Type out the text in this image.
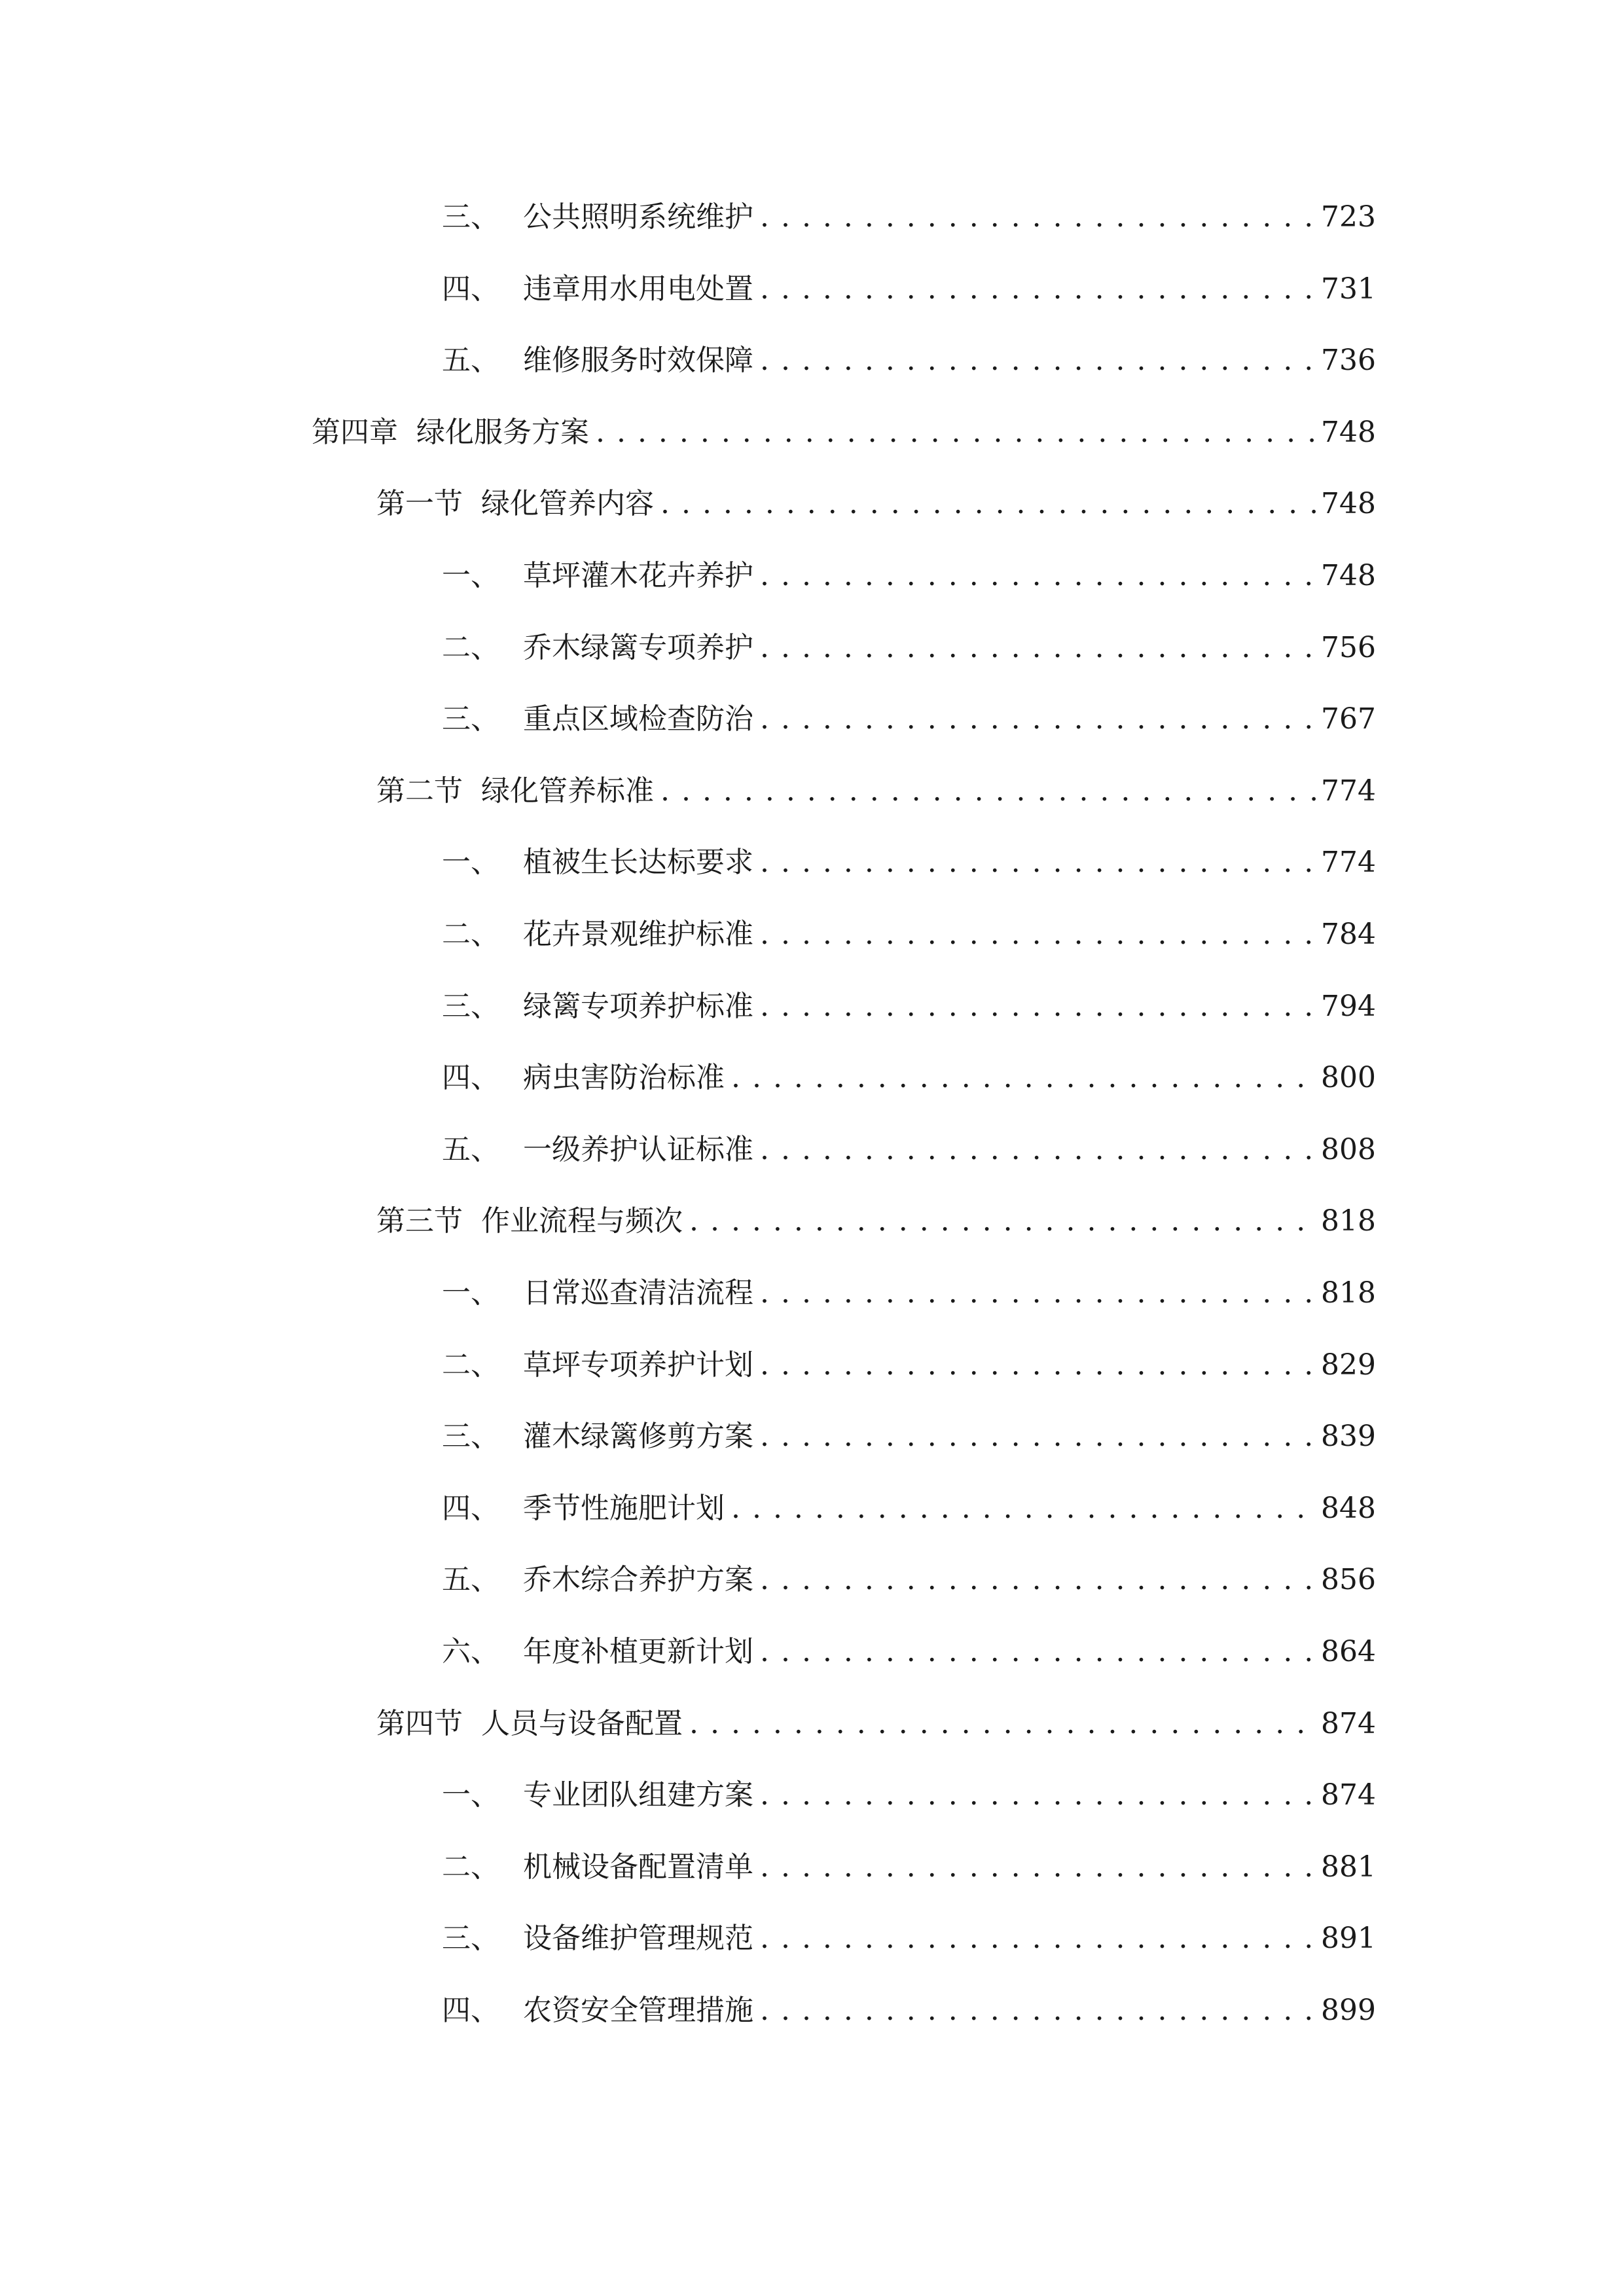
三、 公共照明系统维护 . . .	723
四、 违章用水用电处置 . . .	731
五、 维修服务时效保障 . . .	736
第四章 绿化服务方案 . . .	748
第一节 绿化管养内容 . . .	748
一、 草坪灌木花卉养护 . . .	748
二、 乔木绿篱专项养护 . . .	756
三、 重点区域检查防治 . . .	767
第二节 绿化管养标准 . . .	774
一、 植被生长达标要求 . . .	774
二、 花卉景观维护标准 . . .	784
三、 绿篱专项养护标准 . . .	794
四、 病虫害防治标准 . . .	800
五、 一级养护认证标准 . . .	808
第三节 作业流程与频次 . . .	818
一、 日常巡查清洁流程 . . .	818
二、 草坪专项养护计划 . . .	829
三、 灌木绿篱修剪方案 . . .	839
四、 季节性施肥计划 . . .	848
五、 乔木综合养护方案 . . .	856
六、 年度补植更新计划 . . .	864
第四节 人员与设备配置 . . .	874
一、 专业团队组建方案 . . .	874
二、 机械设备配置清单 . . .	881
三、 设备维护管理规范 . . .	891
四、 农资安全管理措施 . . .	899
